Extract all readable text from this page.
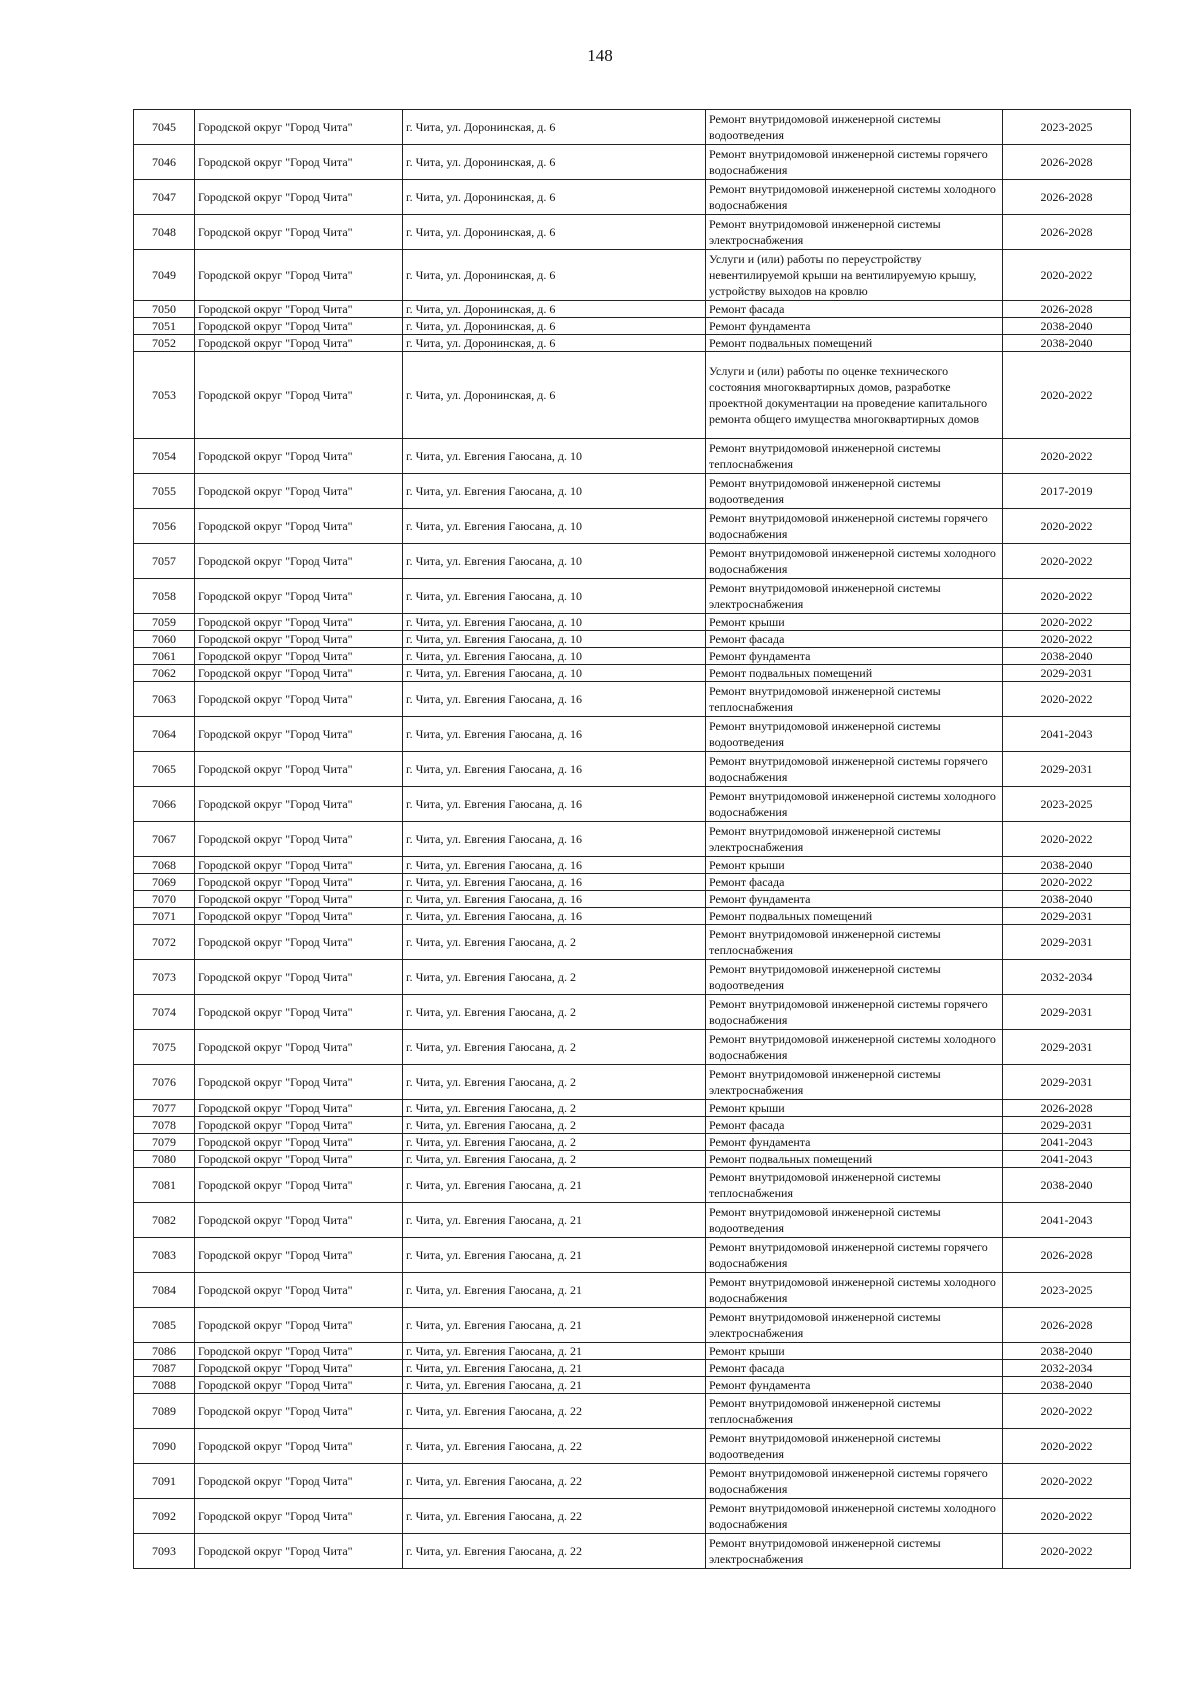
148
7045	Городской округ "Город Чита"	г. Чита, ул. Доронинская, д. 6	Ремонт внутридомовой инженерной системы водоотведения	2023-2025
7046	Городской округ "Город Чита"	г. Чита, ул. Доронинская, д. 6	Ремонт внутридомовой инженерной системы горячего водоснабжения	2026-2028
7047	Городской округ "Город Чита"	г. Чита, ул. Доронинская, д. 6	Ремонт внутридомовой инженерной системы холодного водоснабжения	2026-2028
7048	Городской округ "Город Чита"	г. Чита, ул. Доронинская, д. 6	Ремонт внутридомовой инженерной системы электроснабжения	2026-2028
7049	Городской округ "Город Чита"	г. Чита, ул. Доронинская, д. 6	Услуги и (или) работы по переустройству невентилируемой крыши на вентилируемую крышу, устройству выходов на кровлю	2020-2022
7050	Городской округ "Город Чита"	г. Чита, ул. Доронинская, д. 6	Ремонт фасада	2026-2028
7051	Городской округ "Город Чита"	г. Чита, ул. Доронинская, д. 6	Ремонт фундамента	2038-2040
7052	Городской округ "Город Чита"	г. Чита, ул. Доронинская, д. 6	Ремонт подвальных помещений	2038-2040
7053	Городской округ "Город Чита"	г. Чита, ул. Доронинская, д. 6	Услуги и (или) работы по оценке технического состояния многоквартирных домов, разработке проектной документации на проведение капитального ремонта общего имущества многоквартирных домов	2020-2022
7054	Городской округ "Город Чита"	г. Чита, ул. Евгения Гаюсана, д. 10	Ремонт внутридомовой инженерной системы теплоснабжения	2020-2022
7055	Городской округ "Город Чита"	г. Чита, ул. Евгения Гаюсана, д. 10	Ремонт внутридомовой инженерной системы водоотведения	2017-2019
7056	Городской округ "Город Чита"	г. Чита, ул. Евгения Гаюсана, д. 10	Ремонт внутридомовой инженерной системы горячего водоснабжения	2020-2022
7057	Городской округ "Город Чита"	г. Чита, ул. Евгения Гаюсана, д. 10	Ремонт внутридомовой инженерной системы холодного водоснабжения	2020-2022
7058	Городской округ "Город Чита"	г. Чита, ул. Евгения Гаюсана, д. 10	Ремонт внутридомовой инженерной системы электроснабжения	2020-2022
7059	Городской округ "Город Чита"	г. Чита, ул. Евгения Гаюсана, д. 10	Ремонт крыши	2020-2022
7060	Городской округ "Город Чита"	г. Чита, ул. Евгения Гаюсана, д. 10	Ремонт фасада	2020-2022
7061	Городской округ "Город Чита"	г. Чита, ул. Евгения Гаюсана, д. 10	Ремонт фундамента	2038-2040
7062	Городской округ "Город Чита"	г. Чита, ул. Евгения Гаюсана, д. 10	Ремонт подвальных помещений	2029-2031
7063	Городской округ "Город Чита"	г. Чита, ул. Евгения Гаюсана, д. 16	Ремонт внутридомовой инженерной системы теплоснабжения	2020-2022
7064	Городской округ "Город Чита"	г. Чита, ул. Евгения Гаюсана, д. 16	Ремонт внутридомовой инженерной системы водоотведения	2041-2043
7065	Городской округ "Город Чита"	г. Чита, ул. Евгения Гаюсана, д. 16	Ремонт внутридомовой инженерной системы горячего водоснабжения	2029-2031
7066	Городской округ "Город Чита"	г. Чита, ул. Евгения Гаюсана, д. 16	Ремонт внутридомовой инженерной системы холодного водоснабжения	2023-2025
7067	Городской округ "Город Чита"	г. Чита, ул. Евгения Гаюсана, д. 16	Ремонт внутридомовой инженерной системы электроснабжения	2020-2022
7068	Городской округ "Город Чита"	г. Чита, ул. Евгения Гаюсана, д. 16	Ремонт крыши	2038-2040
7069	Городской округ "Город Чита"	г. Чита, ул. Евгения Гаюсана, д. 16	Ремонт фасада	2020-2022
7070	Городской округ "Город Чита"	г. Чита, ул. Евгения Гаюсана, д. 16	Ремонт фундамента	2038-2040
7071	Городской округ "Город Чита"	г. Чита, ул. Евгения Гаюсана, д. 16	Ремонт подвальных помещений	2029-2031
7072	Городской округ "Город Чита"	г. Чита, ул. Евгения Гаюсана, д. 2	Ремонт внутридомовой инженерной системы теплоснабжения	2029-2031
7073	Городской округ "Город Чита"	г. Чита, ул. Евгения Гаюсана, д. 2	Ремонт внутридомовой инженерной системы водоотведения	2032-2034
7074	Городской округ "Город Чита"	г. Чита, ул. Евгения Гаюсана, д. 2	Ремонт внутридомовой инженерной системы горячего водоснабжения	2029-2031
7075	Городской округ "Город Чита"	г. Чита, ул. Евгения Гаюсана, д. 2	Ремонт внутридомовой инженерной системы холодного водоснабжения	2029-2031
7076	Городской округ "Город Чита"	г. Чита, ул. Евгения Гаюсана, д. 2	Ремонт внутридомовой инженерной системы электроснабжения	2029-2031
7077	Городской округ "Город Чита"	г. Чита, ул. Евгения Гаюсана, д. 2	Ремонт крыши	2026-2028
7078	Городской округ "Город Чита"	г. Чита, ул. Евгения Гаюсана, д. 2	Ремонт фасада	2029-2031
7079	Городской округ "Город Чита"	г. Чита, ул. Евгения Гаюсана, д. 2	Ремонт фундамента	2041-2043
7080	Городской округ "Город Чита"	г. Чита, ул. Евгения Гаюсана, д. 2	Ремонт подвальных помещений	2041-2043
7081	Городской округ "Город Чита"	г. Чита, ул. Евгения Гаюсана, д. 21	Ремонт внутридомовой инженерной системы теплоснабжения	2038-2040
7082	Городской округ "Город Чита"	г. Чита, ул. Евгения Гаюсана, д. 21	Ремонт внутридомовой инженерной системы водоотведения	2041-2043
7083	Городской округ "Город Чита"	г. Чита, ул. Евгения Гаюсана, д. 21	Ремонт внутридомовой инженерной системы горячего водоснабжения	2026-2028
7084	Городской округ "Город Чита"	г. Чита, ул. Евгения Гаюсана, д. 21	Ремонт внутридомовой инженерной системы холодного водоснабжения	2023-2025
7085	Городской округ "Город Чита"	г. Чита, ул. Евгения Гаюсана, д. 21	Ремонт внутридомовой инженерной системы электроснабжения	2026-2028
7086	Городской округ "Город Чита"	г. Чита, ул. Евгения Гаюсана, д. 21	Ремонт крыши	2038-2040
7087	Городской округ "Город Чита"	г. Чита, ул. Евгения Гаюсана, д. 21	Ремонт фасада	2032-2034
7088	Городской округ "Город Чита"	г. Чита, ул. Евгения Гаюсана, д. 21	Ремонт фундамента	2038-2040
7089	Городской округ "Город Чита"	г. Чита, ул. Евгения Гаюсана, д. 22	Ремонт внутридомовой инженерной системы теплоснабжения	2020-2022
7090	Городской округ "Город Чита"	г. Чита, ул. Евгения Гаюсана, д. 22	Ремонт внутридомовой инженерной системы водоотведения	2020-2022
7091	Городской округ "Город Чита"	г. Чита, ул. Евгения Гаюсана, д. 22	Ремонт внутридомовой инженерной системы горячего водоснабжения	2020-2022
7092	Городской округ "Город Чита"	г. Чита, ул. Евгения Гаюсана, д. 22	Ремонт внутридомовой инженерной системы холодного водоснабжения	2020-2022
7093	Городской округ "Город Чита"	г. Чита, ул. Евгения Гаюсана, д. 22	Ремонт внутридомовой инженерной системы электроснабжения	2020-2022
